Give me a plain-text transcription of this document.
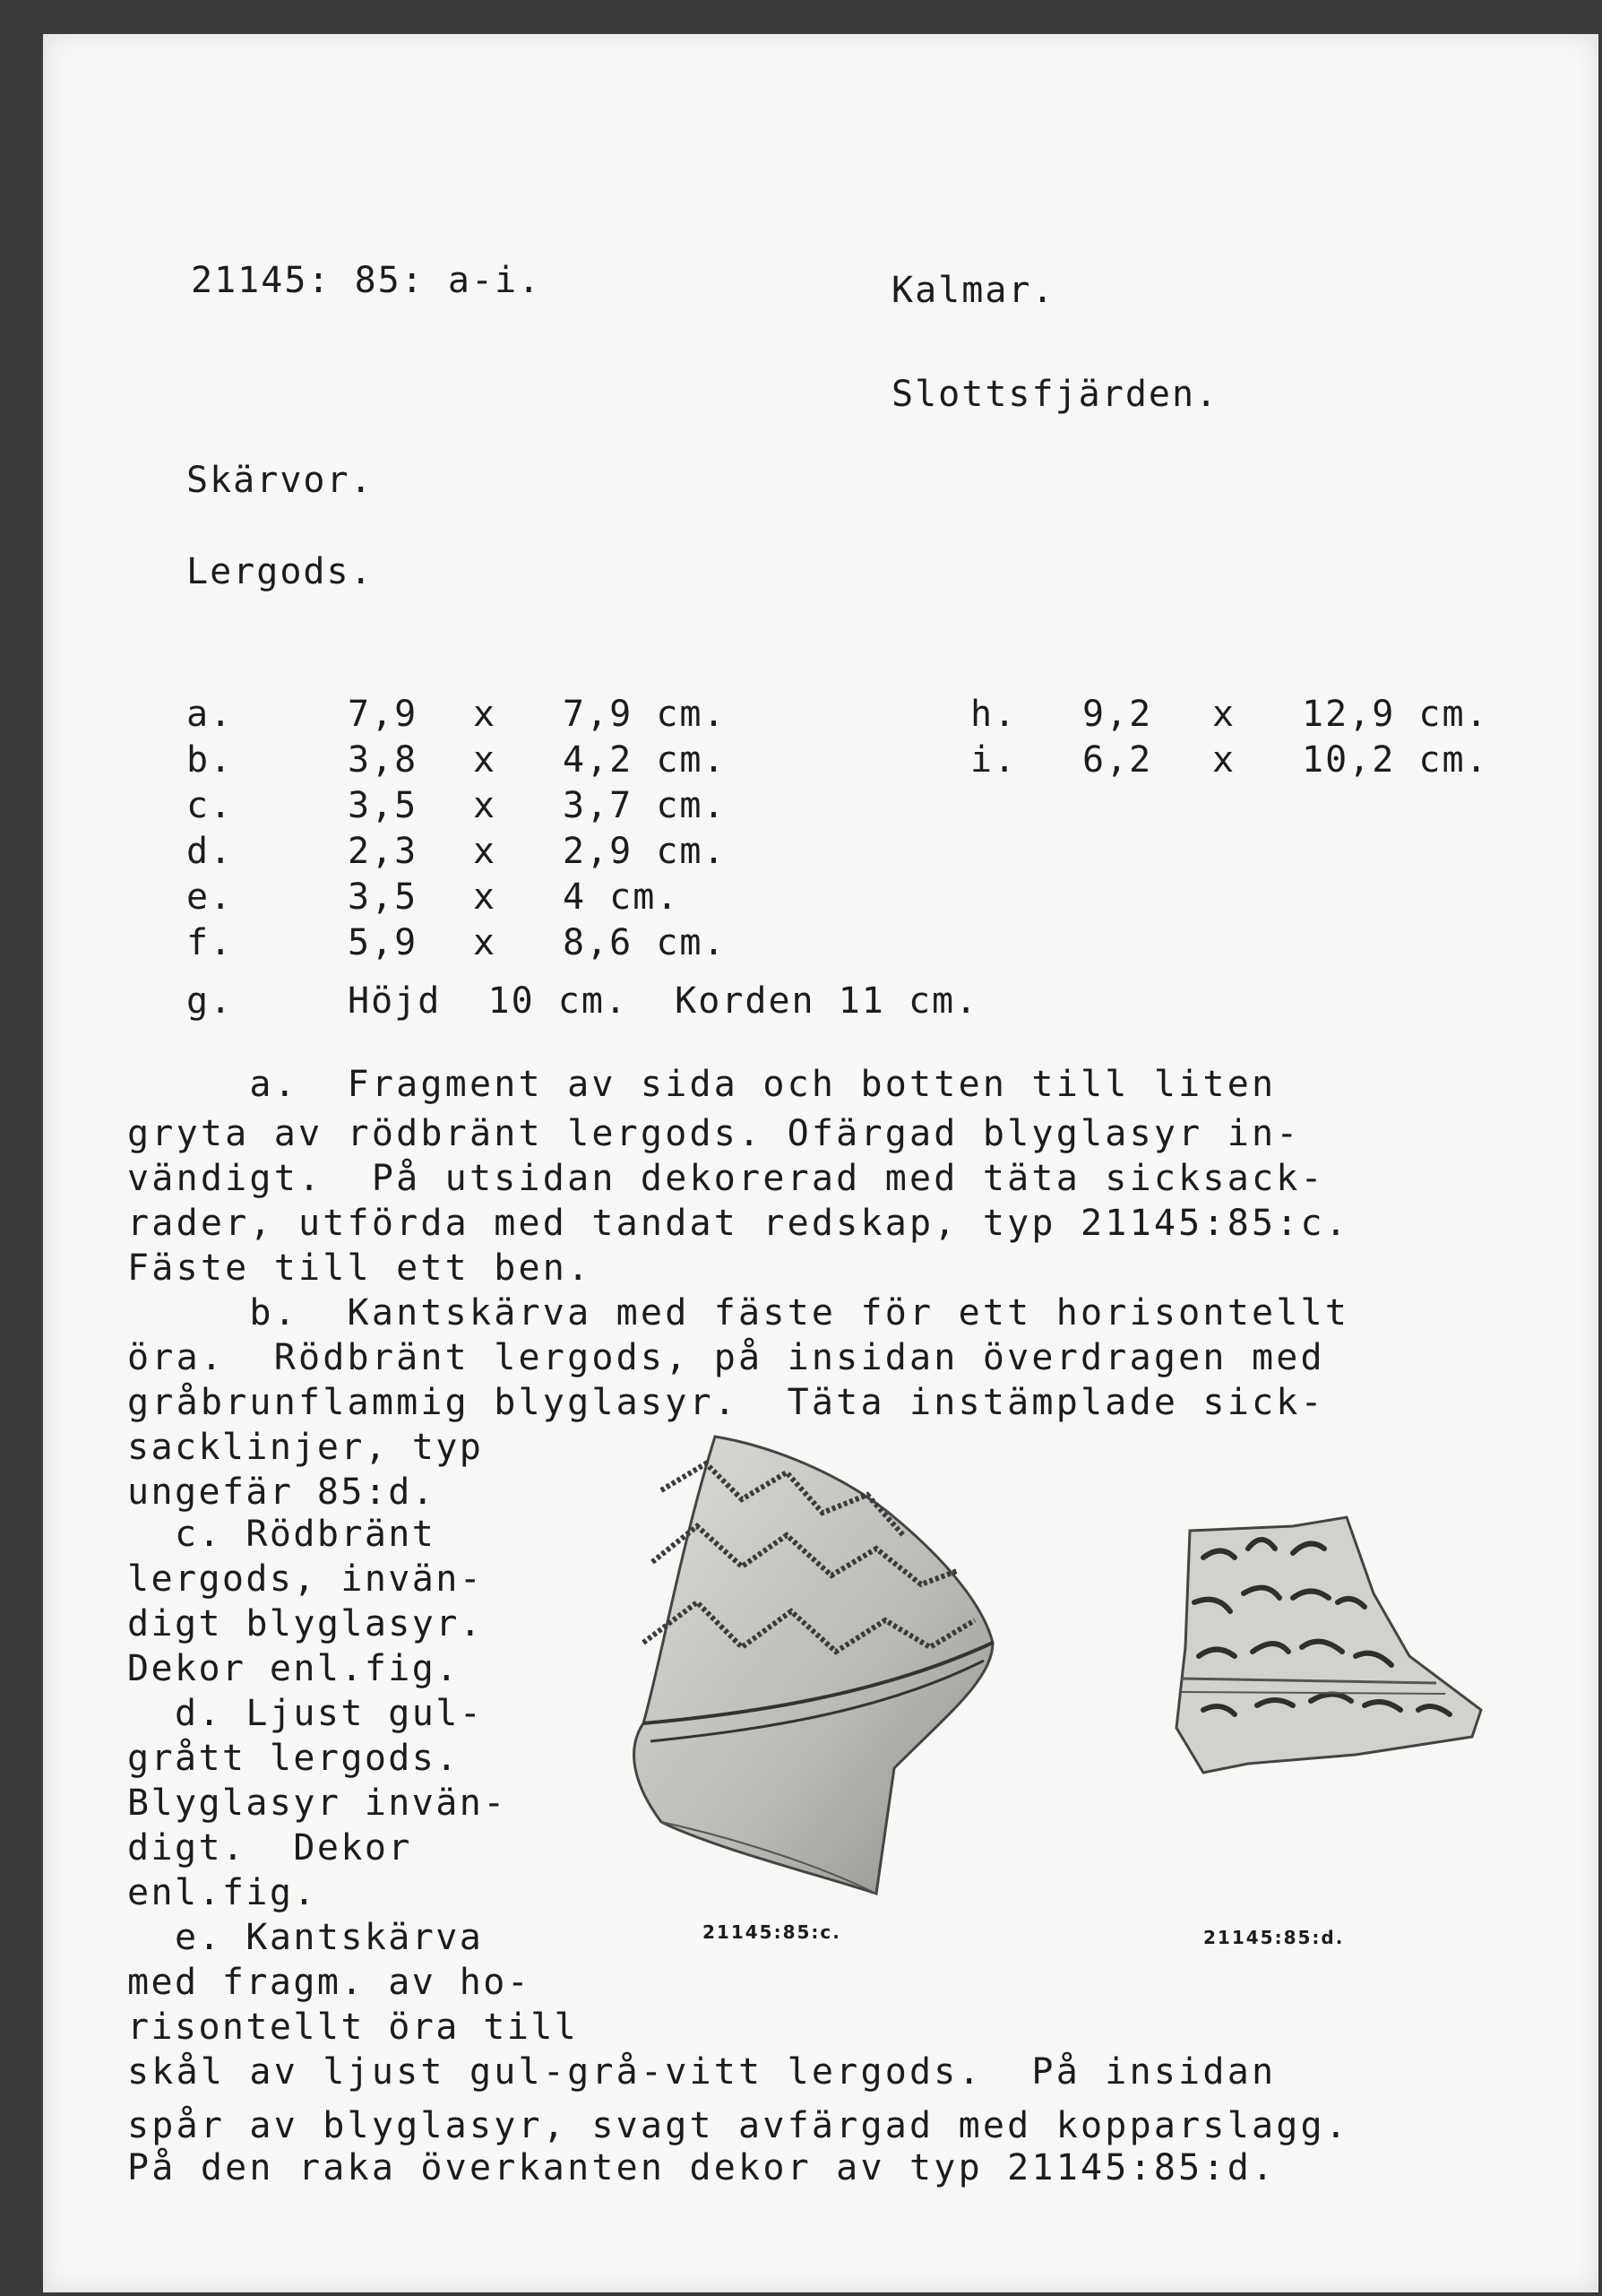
21145: 85: a-i.	Kalmar.
Slottsfjärden.
Skärvor.
Lergods.
a.	7,9 x 7,9 cm.
b.	3,8 x 4,2 cm.
c.	3,5 x 3,7 cm.
d.	2,3 x 2,9 cm.
e.	3,5 x 4 cm.
f.	5,9 x 8,6 cm.
h. 9,2 x 12,9 cm.
i. 6,2 x 10,2 cm.
g.	Höjd  10 cm.  Korden 11 cm.
a.  Fragment av sida och botten till liten
gryta av rödbränt lergods. Ofärgad blyglasyr in-
vändigt.  På utsidan dekorerad med täta sicksack-
rader, utförda med tandat redskap, typ 21145:85:c.
Fäste till ett ben.
b.  Kantskärva med fäste för ett horisontellt
öra.  Rödbränt lergods, på insidan överdragen med
gråbrunflammig blyglasyr.  Täta instämplade sick-
sacklinjer, typ
ungefär 85:d.
c. Rödbränt
lergods, invän-
digt blyglasyr.
Dekor enl.fig.
d. Ljust gul-
grått lergods.
Blyglasyr invän-
digt.  Dekor
enl.fig.
e. Kantskärva
med fragm. av ho-
risontellt öra till
skål av ljust gul-grå-vitt lergods.  På insidan
spår av blyglasyr, svagt avfärgad med kopparslagg.
På den raka överkanten dekor av typ 21145:85:d.
21145:85:c.	21145:85:d.
